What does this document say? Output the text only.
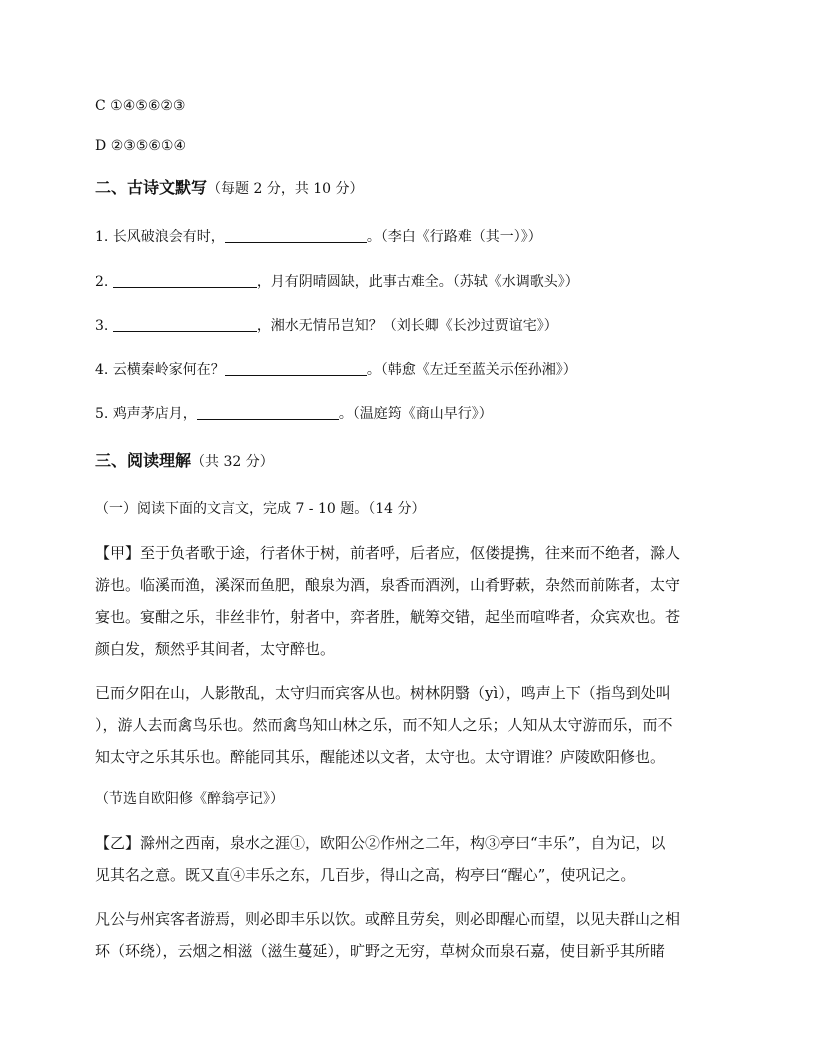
C ①④⑤⑥②③
D ②③⑤⑥①④
二、古诗文默写（每题 2 分，共 10 分）
1. 长风破浪会有时，	。（李白《行路难（其一）》）
2.	，月有阴晴圆缺，此事古难全。（苏轼《水调歌头》）
3.	，湘水无情吊岂知？（刘长卿《长沙过贾谊宅》）
4. 云横秦岭家何在？	。（韩愈《左迁至蓝关示侄孙湘》）
5. 鸡声茅店月，	。（温庭筠《商山早行》）
三、阅读理解（共 32 分）
（一）阅读下面的文言文，完成 7 - 10 题。（14 分）
【甲】至于负者歌于途，行者休于树，前者呼，后者应，伛偻提携，往来而不绝者，滁人
游也。临溪而渔，溪深而鱼肥，酿泉为酒，泉香而酒洌，山肴野蔌，杂然而前陈者，太守
宴也。宴酣之乐，非丝非竹，射者中，弈者胜，觥筹交错，起坐而喧哗者，众宾欢也。苍
颜白发，颓然乎其间者，太守醉也。
已而夕阳在山，人影散乱，太守归而宾客从也。树林阴翳（yì），鸣声上下（指鸟到处叫
），游人去而禽鸟乐也。然而禽鸟知山林之乐，而不知人之乐；人知从太守游而乐，而不
知太守之乐其乐也。醉能同其乐，醒能述以文者，太守也。太守谓谁？庐陵欧阳修也。
（节选自欧阳修《醉翁亭记》）
【乙】滁州之西南，泉水之涯①，欧阳公②作州之二年，构③亭曰“丰乐”，自为记，以
见其名之意。既又直④丰乐之东，几百步，得山之高，构亭曰“醒心”，使巩记之。
凡公与州宾客者游焉，则必即丰乐以饮。或醉且劳矣，则必即醒心而望，以见夫群山之相
环（环绕），云烟之相滋（滋生蔓延），旷野之无穷，草树众而泉石嘉，使目新乎其所睹
